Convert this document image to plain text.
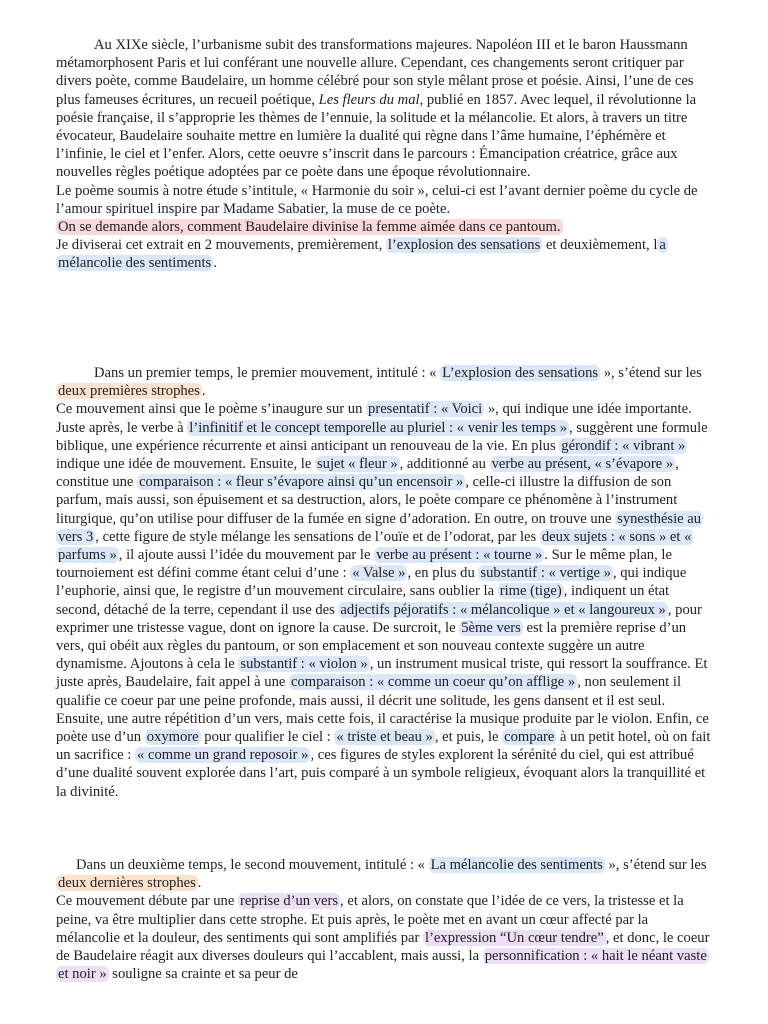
Au XIXe siècle, l’urbanisme subit des transformations majeures. Napoléon III et le baron Haussmann métamorphosent Paris et lui conférant une nouvelle allure. Cependant, ces changements seront critiquer par divers poète, comme Baudelaire, un homme célébré pour son style mêlant prose et poésie. Ainsi, l’une de ces plus fameuses écritures, un recueil poétique, Les fleurs du mal, publié en 1857. Avec lequel, il révolutionne la poésie française, il s’approprie les thèmes de l’ennuie, la solitude et la mélancolie. Et alors, à travers un titre évocateur, Baudelaire souhaite mettre en lumière la dualité qui règne dans l’âme humaine, l’éphémère et l’infinie, le ciel et l’enfer. Alors, cette oeuvre s’inscrit dans le parcours : Émancipation créatrice, grâce aux nouvelles règles poétique adoptées par ce poète dans une époque révolutionnaire.

Le poème soumis à notre étude s’intitule, « Harmonie du soir », celui-ci est l’avant dernier poème du cycle de l’amour spirituel inspire par Madame Sabatier, la muse de ce poète.

On se demande alors, comment Baudelaire divinise la femme aimée dans ce pantoum.

Je diviserai cet extrait en 2 mouvements, premièrement, l’explosion des sensations et deuxièmement, l a mélancolie des sentiments .

Dans un premier temps, le premier mouvement, intitulé : « L’explosion des sensations », s’étend sur les deux premières strophes .

Ce mouvement ainsi que le poème s’inaugure sur un presentatif : « Voici », qui indique une idée importante. Juste après, le verbe à l’infinitif et le concept temporelle au pluriel : « venir les temps » , suggèrent une formule biblique, une expérience récurrente et ainsi anticipant un renouveau de la vie. En plus gérondif : « vibrant » indique une idée de mouvement. Ensuite, le sujet « fleur » , additionné au verbe au présent, « s’évapore » , constitue une comparaison : « fleur s’évapore ainsi qu’un encensoir » , celle-ci illustre la diffusion de son parfum, mais aussi, son épuisement et sa destruction, alors, le poète compare ce phénomène à l’instrument liturgique, qu’on utilise pour diffuser de la fumée en signe d’adoration. En outre, on trouve une synesthésie au vers 3 , cette figure de style mélange les sensations de l’ouïe et de l’odorat, par les deux sujets : « sons » et « parfums » , il ajoute aussi l’idée du mouvement par le verbe au présent : « tourne » . Sur le même plan, le tournoiement est défini comme étant celui d’une : « Valse » , en plus du substantif : « vertige » , qui indique l’euphorie, ainsi que, le registre d’un mouvement circulaire, sans oublier la rime (tige) , indiquent un état second, détaché de la terre, cependant il use des adjectifs péjoratifs : « mélancolique » et « langoureux » , pour exprimer une tristesse vague, dont on ignore la cause. De surcroit, le 5ème vers est la première reprise d’un vers, qui obéit aux règles du pantoum, or son emplacement et son nouveau contexte suggère un autre dynamisme. Ajoutons à cela le substantif : « violon » , un instrument musical triste, qui ressort la souffrance. Et juste après, Baudelaire, fait appel à une comparaison : « comme un coeur qu’on afflige » , non seulement il qualifie ce coeur par une peine profonde, mais aussi, il décrit une solitude, les gens dansent et il est seul. Ensuite, une autre répétition d’un vers, mais cette fois, il caractérise la musique produite par le violon. Enfin, ce poète use d’un oxymore pour qualifier le ciel : « triste et beau » , et puis, le compare à un petit hotel, où on fait un sacrifice : « comme un grand reposoir » , ces figures de styles explorent la sérénité du ciel, qui est attribué d’une dualité souvent explorée dans l’art, puis comparé à un symbole religieux, évoquant alors la tranquillité et la divinité.

Dans un deuxième temps, le second mouvement, intitulé : « La mélancolie des sentiments », s’étend sur les deux dernières strophes .

Ce mouvement débute par une reprise d’un vers , et alors, on constate que l’idée de ce vers, la tristesse et la peine, va être multiplier dans cette strophe. Et puis après, le poète met en avant un cœur affecté par la mélancolie et la douleur, des sentiments qui sont amplifiés par l’expression “Un cœur tendre” , et donc, le coeur de Baudelaire réagit aux diverses douleurs qui l’accablent, mais aussi, la personnification : « hait le néant vaste et noir » souligne sa crainte et sa peur de
